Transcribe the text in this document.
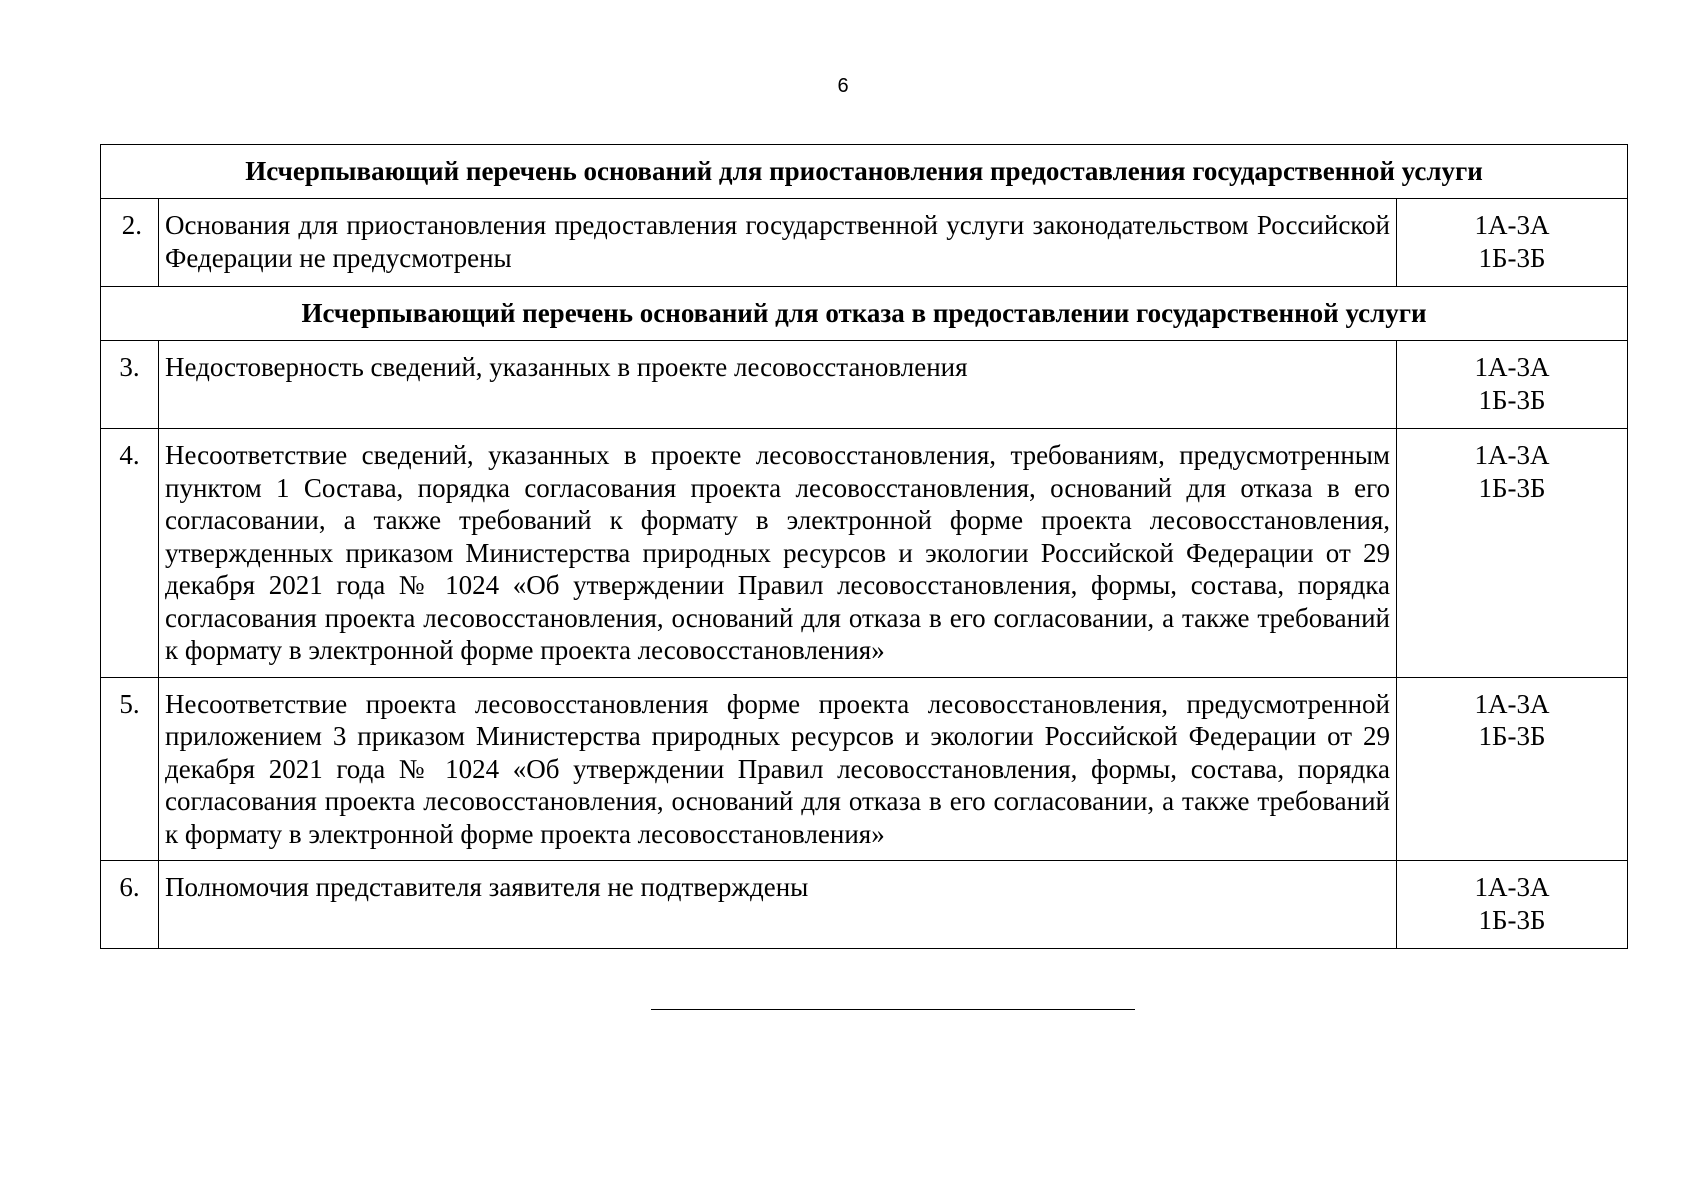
6
Исчерпывающий перечень оснований для приостановления предоставления государственной услуги		
2.	Основания для приостановления предоставления государственной услуги законодательством Российской Федерации не предусмотрены	1А-3А
1Б-3Б

Исчерпывающий перечень оснований для отказа в предоставлении государственной услуги		
3.	Недостоверность сведений, указанных в проекте лесовосстановления	1А-3А
1Б-3Б

4.	Несоответствие сведений, указанных в проекте лесовосстановления, требованиям, предусмотренным пунктом 1 Состава, порядка согласования проекта лесовосстановления, оснований для отказа в его согласовании, а также требований к формату в электронной форме проекта лесовосстановления, утвержденных приказом Министерства природных ресурсов и экологии Российской Федерации от 29 декабря 2021 года № 1024 «Об утверждении Правил лесовосстановления, формы, состава, порядка согласования проекта лесовосстановления, оснований для отказа в его согласовании, а также требований к формату в электронной форме проекта лесовосстановления»	1А-3А
1Б-3Б

5.	Несоответствие проекта лесовосстановления форме проекта лесовосстановления, предусмотренной приложением 3 приказом Министерства природных ресурсов и экологии Российской Федерации от 29 декабря 2021 года № 1024 «Об утверждении Правил лесовосстановления, формы, состава, порядка согласования проекта лесовосстановления, оснований для отказа в его согласовании, а также требований к формату в электронной форме проекта лесовосстановления»	1А-3А
1Б-3Б

6.	Полномочия представителя заявителя не подтверждены	1А-3А
1Б-3Б
